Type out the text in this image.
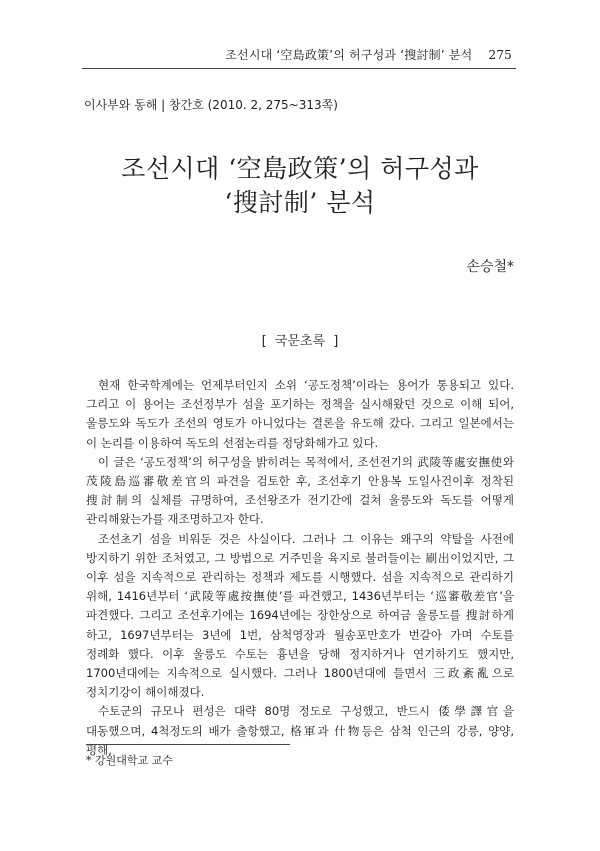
조선시대 ‘空島政策’의 허구성과 ‘搜討制’ 분석 275
이사부와 동해 | 창간호 (2010. 2, 275~313쪽)
조선시대 ‘空島政策’의 허구성과
‘搜討制’ 분석
손승철*
[ 국문초록 ]

현재 한국학계에는 언제부터인지 소위 ‘공도정책’이라는 용어가 통용되고 있다. 그리고 이 용어는 조선정부가 섬을 포기하는 정책을 실시해왔던 것으로 이해 되어, 울릉도와 독도가 조선의 영토가 아니었다는 결론을 유도해 갔다. 그리고 일본에서는 이 논리를 이용하여 독도의 선점논리를 정당화해가고 있다.

이 글은 ‘공도정책’의 허구성을 밝히려는 목적에서, 조선전기의 武陵等處安撫使와 茂陵島巡審敬差官의 파견을 검토한 후, 조선후기 안용복 도일사건이후 정착된 搜討制의 실체를 규명하여, 조선왕조가 전기간에 걸쳐 울릉도와 독도를 어떻게 관리해왔는가를 재조명하고자 한다.

조선초기 섬을 비워둔 것은 사실이다. 그러나 그 이유는 왜구의 약탈을 사전에 방지하기 위한 조처였고, 그 방법으로 거주민을 육지로 불러들이는 刷出이었지만, 그 이후 섬을 지속적으로 관리하는 정책과 제도를 시행했다. 섬을 지속적으로 관리하기 위해, 1416년부터 ‘武陵等處按撫使’를 파견했고, 1436년부터는 ‘巡審敬差官’을 파견했다. 그리고 조선후기에는 1694년에는 장한상으로 하여금 울릉도를 搜討하게 하고, 1697년부터는 3년에 1번, 삼척영장과 월송포만호가 번갈아 가며 수토를 정례화 했다. 이후 울릉도 수토는 흉년을 당해 정지하거나 연기하기도 했지만, 1700년대에는 지속적으로 실시했다. 그러나 1800년대에 들면서 三政紊亂으로 정치기강이 해이해졌다.

수토군의 규모나 편성은 대략 80명 정도로 구성했고, 반드시 倭學譯官을 대동했으며, 4척정도의 배가 출항했고, 格軍과 什物등은 삼척 인근의 강릉, 양양, 평해,

* 강원대학교 교수
